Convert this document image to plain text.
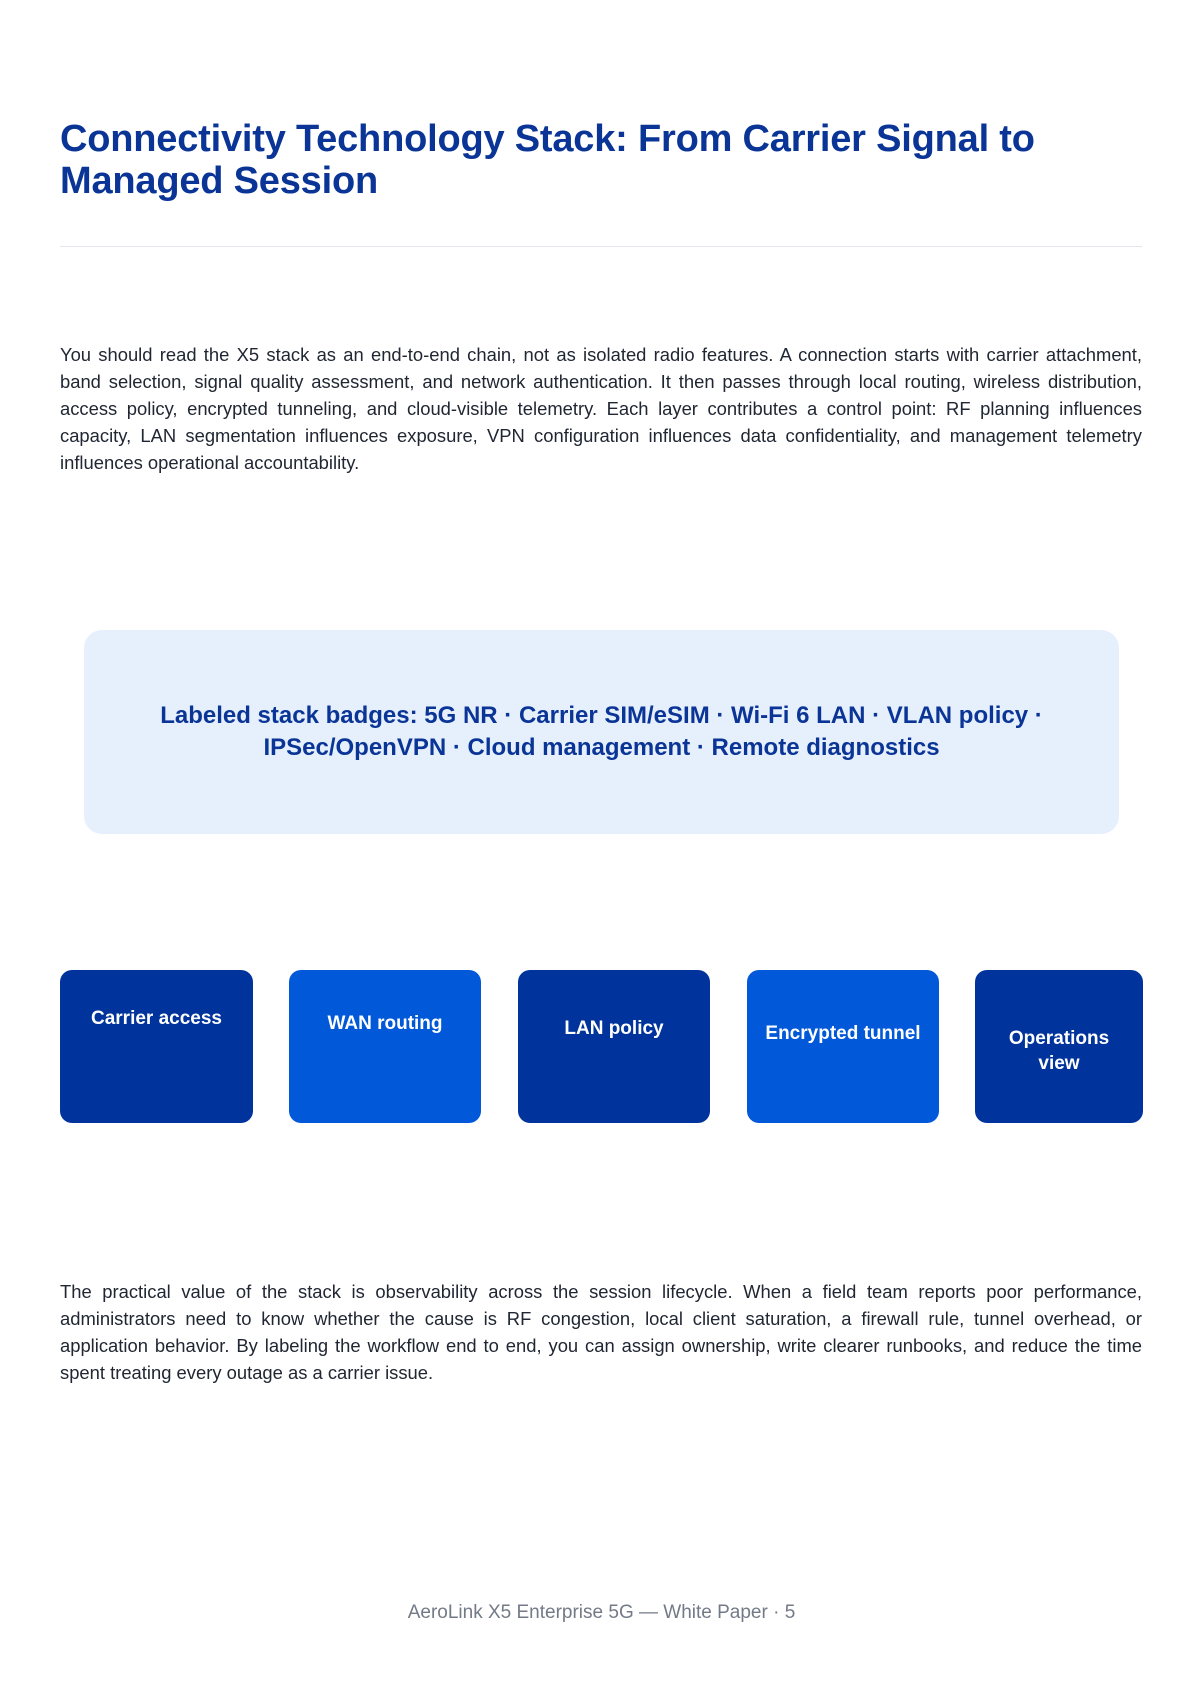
Connectivity Technology Stack: From Carrier Signal to Managed Session

You should read the X5 stack as an end-to-end chain, not as isolated radio features. A connection starts with carrier attachment, band selection, signal quality assessment, and network authentication. It then passes through local routing, wireless distribution, access policy, encrypted tunneling, and cloud-visible telemetry. Each layer contributes a control point: RF planning influences capacity, LAN segmentation influences exposure, VPN configuration influences data confidentiality, and management telemetry influences operational accountability.

Labeled stack badges: 5G NR · Carrier SIM/eSIM · Wi-Fi 6 LAN · VLAN policy · IPSec/OpenVPN · Cloud management · Remote diagnostics

Carrier access	WAN routing	LAN policy	Encrypted tunnel	Operations view

The practical value of the stack is observability across the session lifecycle. When a field team reports poor performance, administrators need to know whether the cause is RF congestion, local client saturation, a firewall rule, tunnel overhead, or application behavior. By labeling the workflow end to end, you can assign ownership, write clearer runbooks, and reduce the time spent treating every outage as a carrier issue.

AeroLink X5 Enterprise 5G — White Paper · 5
